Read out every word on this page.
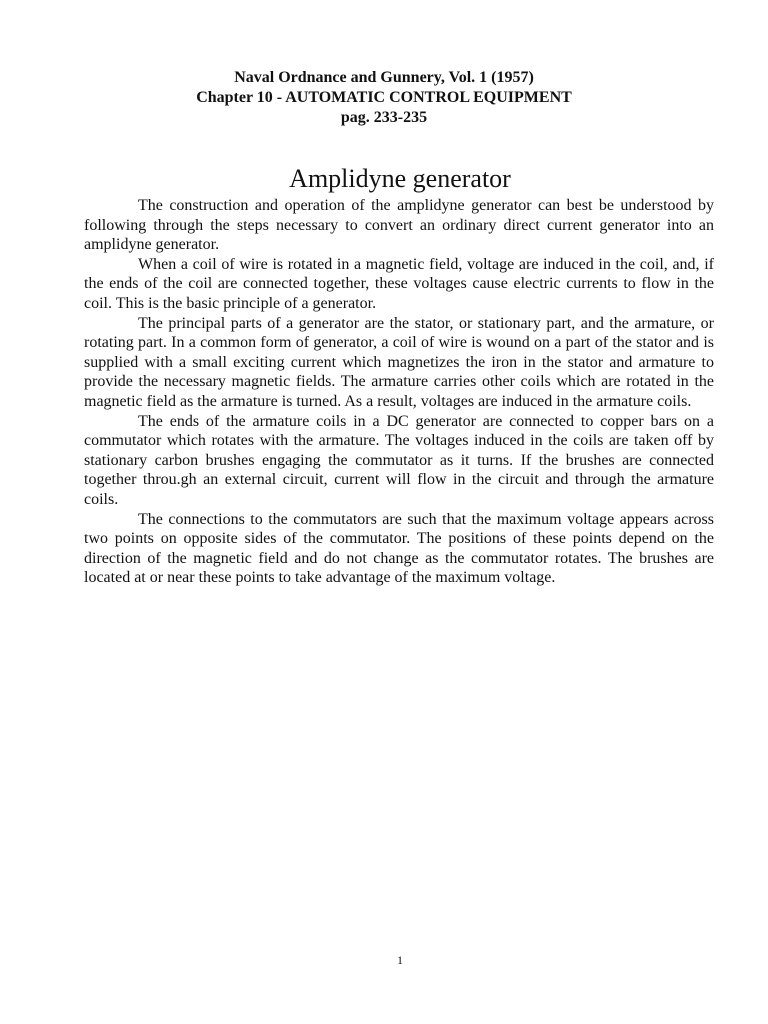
Naval Ordnance and Gunnery, Vol. 1 (1957)
Chapter 10 - AUTOMATIC CONTROL EQUIPMENT
pag. 233-235
Amplidyne generator

The construction and operation of the amplidyne generator can best be understood by following through the steps necessary to convert an ordinary direct current generator into an amplidyne generator.

When a coil of wire is rotated in a magnetic field, voltage are induced in the coil, and, if the ends of the coil are connected together, these voltages cause electric currents to flow in the coil. This is the basic principle of a generator.

The principal parts of a generator are the stator, or stationary part, and the armature, or rotating part. In a common form of generator, a coil of wire is wound on a part of the stator and is supplied with a small exciting current which magnetizes the iron in the stator and armature to provide the necessary magnetic fields. The armature carries other coils which are rotated in the magnetic field as the armature is turned. As a result, voltages are induced in the armature coils.

The ends of the armature coils in a DC generator are connected to copper bars on a commutator which rotates with the armature. The voltages induced in the coils are taken off by stationary carbon brushes engaging the commutator as it turns. If the brushes are connected together throu.gh an external circuit, current will flow in the circuit and through the armature coils.

The connections to the commutators are such that the maximum voltage appears across two points on opposite sides of the commutator. The positions of these points depend on the direction of the magnetic field and do not change as the commutator rotates. The brushes are located at or near these points to take advantage of the maximum voltage.

1
